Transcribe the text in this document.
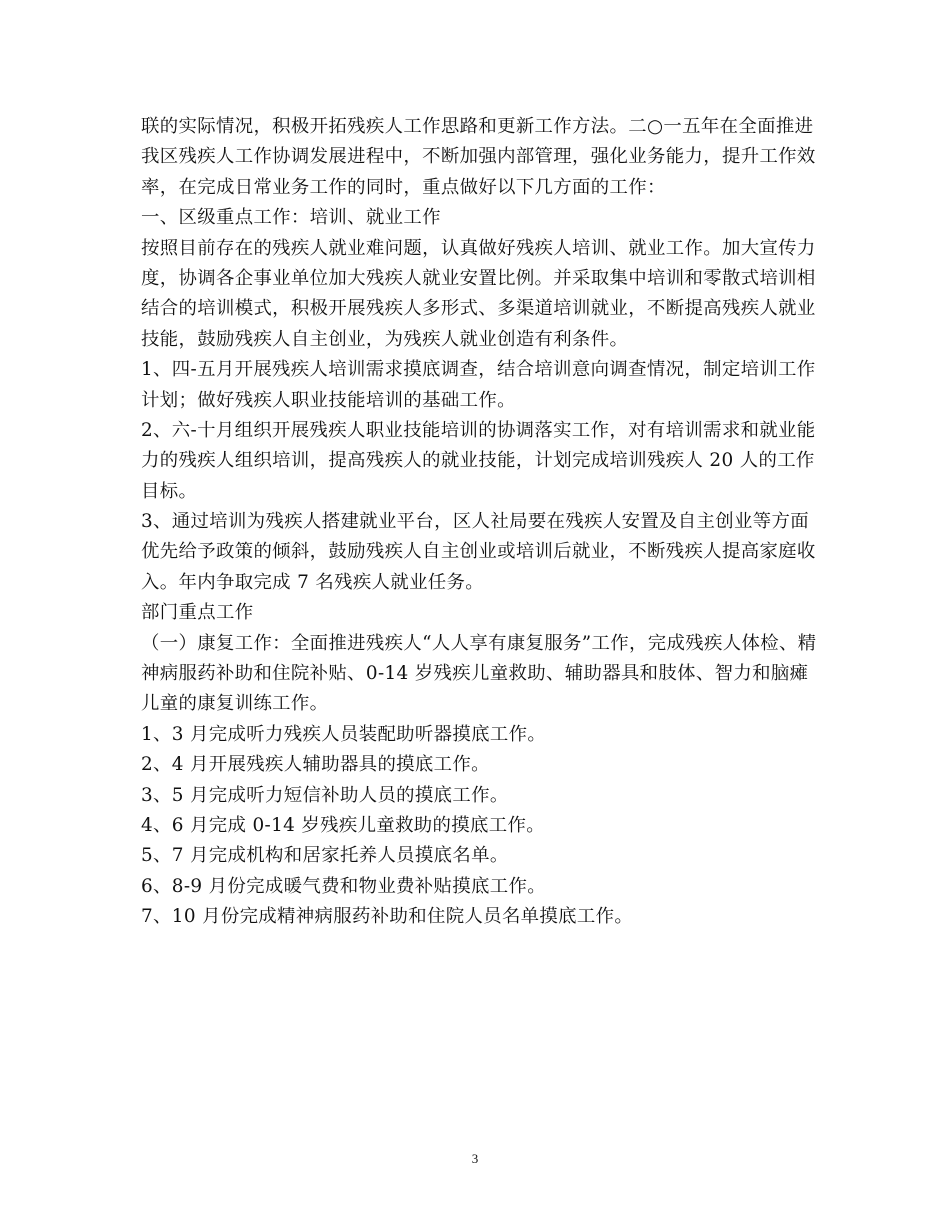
联的实际情况，积极开拓残疾人工作思路和更新工作方法。二○一五年在全面推进
我区残疾人工作协调发展进程中，不断加强内部管理，强化业务能力，提升工作效
率，在完成日常业务工作的同时，重点做好以下几方面的工作：
一、区级重点工作：培训、就业工作
按照目前存在的残疾人就业难问题，认真做好残疾人培训、就业工作。加大宣传力
度，协调各企事业单位加大残疾人就业安置比例。并采取集中培训和零散式培训相
结合的培训模式，积极开展残疾人多形式、多渠道培训就业，不断提高残疾人就业
技能，鼓励残疾人自主创业，为残疾人就业创造有利条件。
1、四-五月开展残疾人培训需求摸底调查，结合培训意向调查情况，制定培训工作
计划；做好残疾人职业技能培训的基础工作。
2、六-十月组织开展残疾人职业技能培训的协调落实工作，对有培训需求和就业能
力的残疾人组织培训，提高残疾人的就业技能，计划完成培训残疾人 20 人的工作
目标。
3、通过培训为残疾人搭建就业平台，区人社局要在残疾人安置及自主创业等方面
优先给予政策的倾斜，鼓励残疾人自主创业或培训后就业，不断残疾人提高家庭收
入。年内争取完成 7 名残疾人就业任务。
部门重点工作
（一）康复工作：全面推进残疾人“人人享有康复服务”工作，完成残疾人体检、精
神病服药补助和住院补贴、0-14 岁残疾儿童救助、辅助器具和肢体、智力和脑瘫
儿童的康复训练工作。
1、3 月完成听力残疾人员装配助听器摸底工作。
2、4 月开展残疾人辅助器具的摸底工作。
3、5 月完成听力短信补助人员的摸底工作。
4、6 月完成 0-14 岁残疾儿童救助的摸底工作。
5、7 月完成机构和居家托养人员摸底名单。
6、8-9 月份完成暖气费和物业费补贴摸底工作。
7、10 月份完成精神病服药补助和住院人员名单摸底工作。
3
